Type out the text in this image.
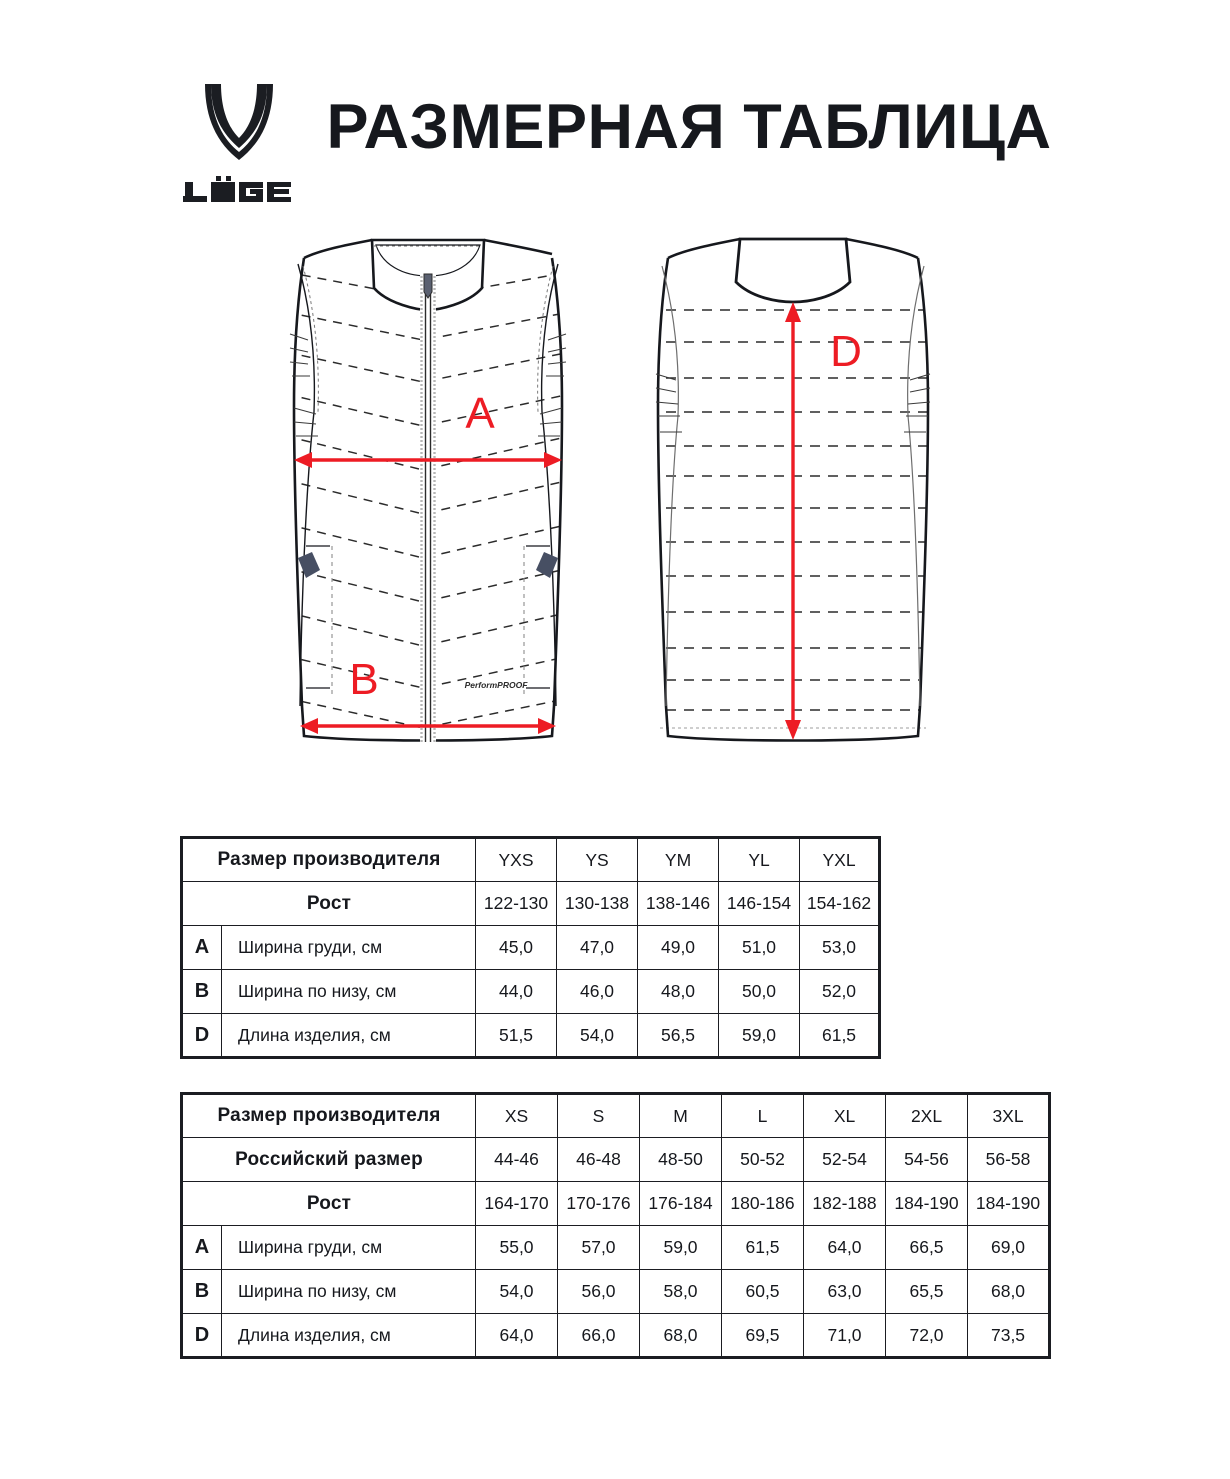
РАЗМЕРНАЯ ТАБЛИЦА
PerformPROOF
A
B
D
Размер производителя		YXS	YS	YM	YL	YXL
Рост		122-130	130-138	138-146	146-154	154-162
A	Ширина груди, см	45,0	47,0	49,0	51,0	53,0
B	Ширина по низу, см	44,0	46,0	48,0	50,0	52,0
D	Длина изделия, см	51,5	54,0	56,5	59,0	61,5
Размер производителя		XS	S	M	L	XL	2XL	3XL
Российский размер		44-46	46-48	48-50	50-52	52-54	54-56	56-58
Рост		164-170	170-176	176-184	180-186	182-188	184-190	184-190
A	Ширина груди, см	55,0	57,0	59,0	61,5	64,0	66,5	69,0
B	Ширина по низу, см	54,0	56,0	58,0	60,5	63,0	65,5	68,0
D	Длина изделия, см	64,0	66,0	68,0	69,5	71,0	72,0	73,5
